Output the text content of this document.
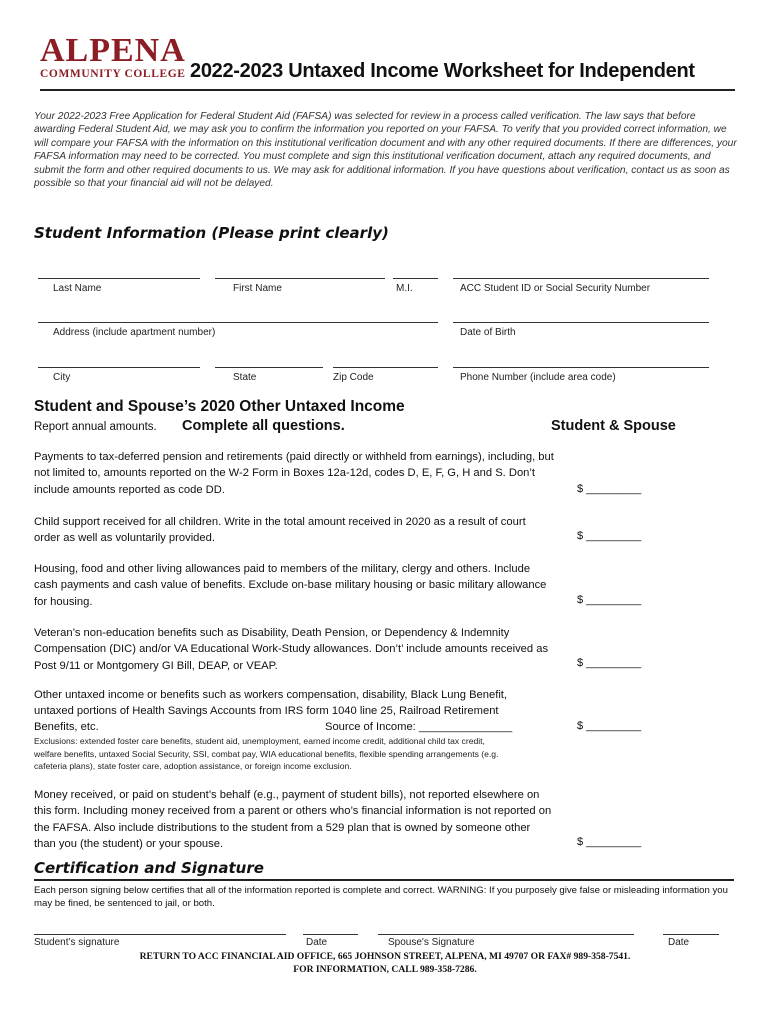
ALPENA
COMMUNITY COLLEGE 2022-2023 Untaxed Income Worksheet for Independent
Your 2022-2023 Free Application for Federal Student Aid (FAFSA) was selected for review in a process called verification. The law says that before awarding Federal Student Aid, we may ask you to confirm the information you reported on your FAFSA. To verify that you provided correct information, we will compare your FAFSA with the information on this institutional verification document and with any other required documents. If there are differences, your FAFSA information may need to be corrected. You must complete and sign this institutional verification document, attach any required documents, and submit the form and other required documents to us. We may ask for additional information. If you have questions about verification, contact us as soon as possible so that your financial aid will not be delayed.
Student Information (Please print clearly)
Last Name	First Name	M.I.	ACC Student ID or Social Security Number
Address (include apartment number)	Date of Birth
City	State	Zip Code	Phone Number (include area code)
Student and Spouse’s 2020 Other Untaxed Income
Report annual amounts. Complete all questions.	Student & Spouse
Payments to tax-deferred pension and retirements (paid directly or withheld from earnings), including, but not limited to, amounts reported on the W-2 Form in Boxes 12a-12d, codes D, E, F, G, H and S. Don’t include amounts reported as code DD.	$ _________
Child support received for all children. Write in the total amount received in 2020 as a result of court order as well as voluntarily provided.	$ _________
Housing, food and other living allowances paid to members of the military, clergy and others. Include cash payments and cash value of benefits. Exclude on-base military housing or basic military allowance for housing.	$ _________
Veteran’s non-education benefits such as Disability, Death Pension, or Dependency & Indemnity Compensation (DIC) and/or VA Educational Work-Study allowances. Don’t’ include amounts received as Post 9/11 or Montgomery GI Bill, DEAP, or VEAP.	$ _________
Other untaxed income or benefits such as workers compensation, disability, Black Lung Benefit,
untaxed portions of Health Savings Accounts from IRS form 1040 line 25, Railroad Retirement
Benefits, etc.	Source of Income: _______________	$ _________
Exclusions: extended foster care benefits, student aid, unemployment, earned income credit, additional child tax credit, welfare benefits, untaxed Social Security, SSI, combat pay, WIA educational benefits, flexible spending arrangements (e.g. cafeteria plans), state foster care, adoption assistance, or foreign income exclusion.
Money received, or paid on student’s behalf (e.g., payment of student bills), not reported elsewhere on this form. Including money received from a parent or others who’s financial information is not reported on the FAFSA. Also include distributions to the student from a 529 plan that is owned by someone other than you (the student) or your spouse.	$ _________
Certification and Signature
Each person signing below certifies that all of the information reported is complete and correct. WARNING: If you purposely give false or misleading information you may be fined, be sentenced to jail, or both.
Student’s signature	Date	Spouse's Signature	Date
RETURN TO ACC FINANCIAL AID OFFICE, 665 JOHNSON STREET, ALPENA, MI 49707 OR FAX# 989-358-7541.
FOR INFORMATION, CALL 989-358-7286.
